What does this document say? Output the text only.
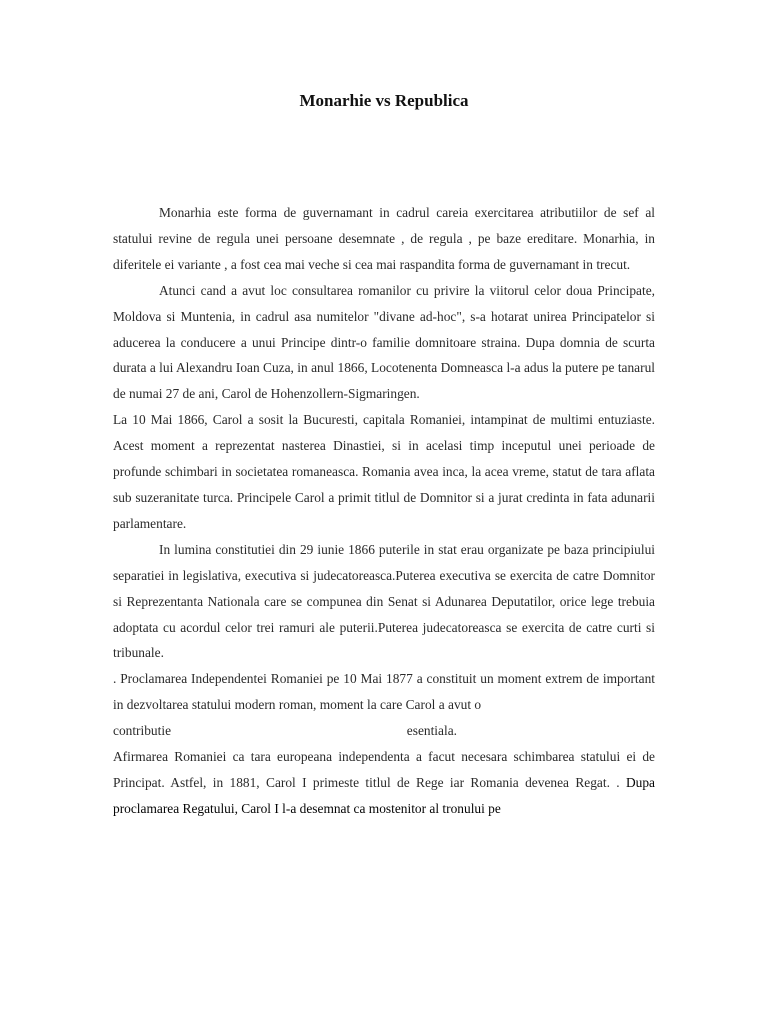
Monarhie vs Republica

Monarhia este forma de guvernamant in cadrul careia exercitarea atributiilor de sef al statului revine de regula unei persoane desemnate , de regula , pe baze ereditare. Monarhia, in diferitele ei variante , a fost cea mai veche si cea mai raspandita forma de guvernamant in trecut.

Atunci cand a avut loc consultarea romanilor cu privire la viitorul celor doua Principate, Moldova si Muntenia, in cadrul asa numitelor "divane ad-hoc", s-a hotarat unirea Principatelor si aducerea la conducere a unui Principe dintr-o familie domnitoare straina. Dupa domnia de scurta durata a lui Alexandru Ioan Cuza, in anul 1866, Locotenenta Domneasca l-a adus la putere pe tanarul de numai 27 de ani, Carol de Hohenzollern-Sigmaringen.

La 10 Mai 1866, Carol a sosit la Bucuresti, capitala Romaniei, intampinat de multimi entuziaste. Acest moment a reprezentat nasterea Dinastiei, si in acelasi timp inceputul unei perioade de profunde schimbari in societatea romaneasca. Romania avea inca, la acea vreme, statut de tara aflata sub suzeranitate turca. Principele Carol a primit titlul de Domnitor si a jurat credinta in fata adunarii parlamentare.

In lumina constitutiei din 29 iunie 1866 puterile in stat erau organizate pe baza principiului separatiei in legislativa, executiva si judecatoreasca.Puterea executiva se exercita de catre Domnitor si Reprezentanta Nationala care se compunea din Senat si Adunarea Deputatilor, orice lege trebuia adoptata cu acordul celor trei ramuri ale puterii.Puterea judecatoreasca se exercita de catre curti si tribunale.

. Proclamarea Independentei Romaniei pe 10 Mai 1877 a constituit un moment extrem de important in dezvoltarea statului modern roman, moment la care Carol a avut o

contributie	esentiala.

Afirmarea Romaniei ca tara europeana independenta a facut necesara schimbarea statului ei de Principat. Astfel, in 1881, Carol I primeste titlul de Rege iar Romania devenea Regat. . Dupa proclamarea Regatului, Carol I l-a desemnat ca mostenitor al tronului pe
